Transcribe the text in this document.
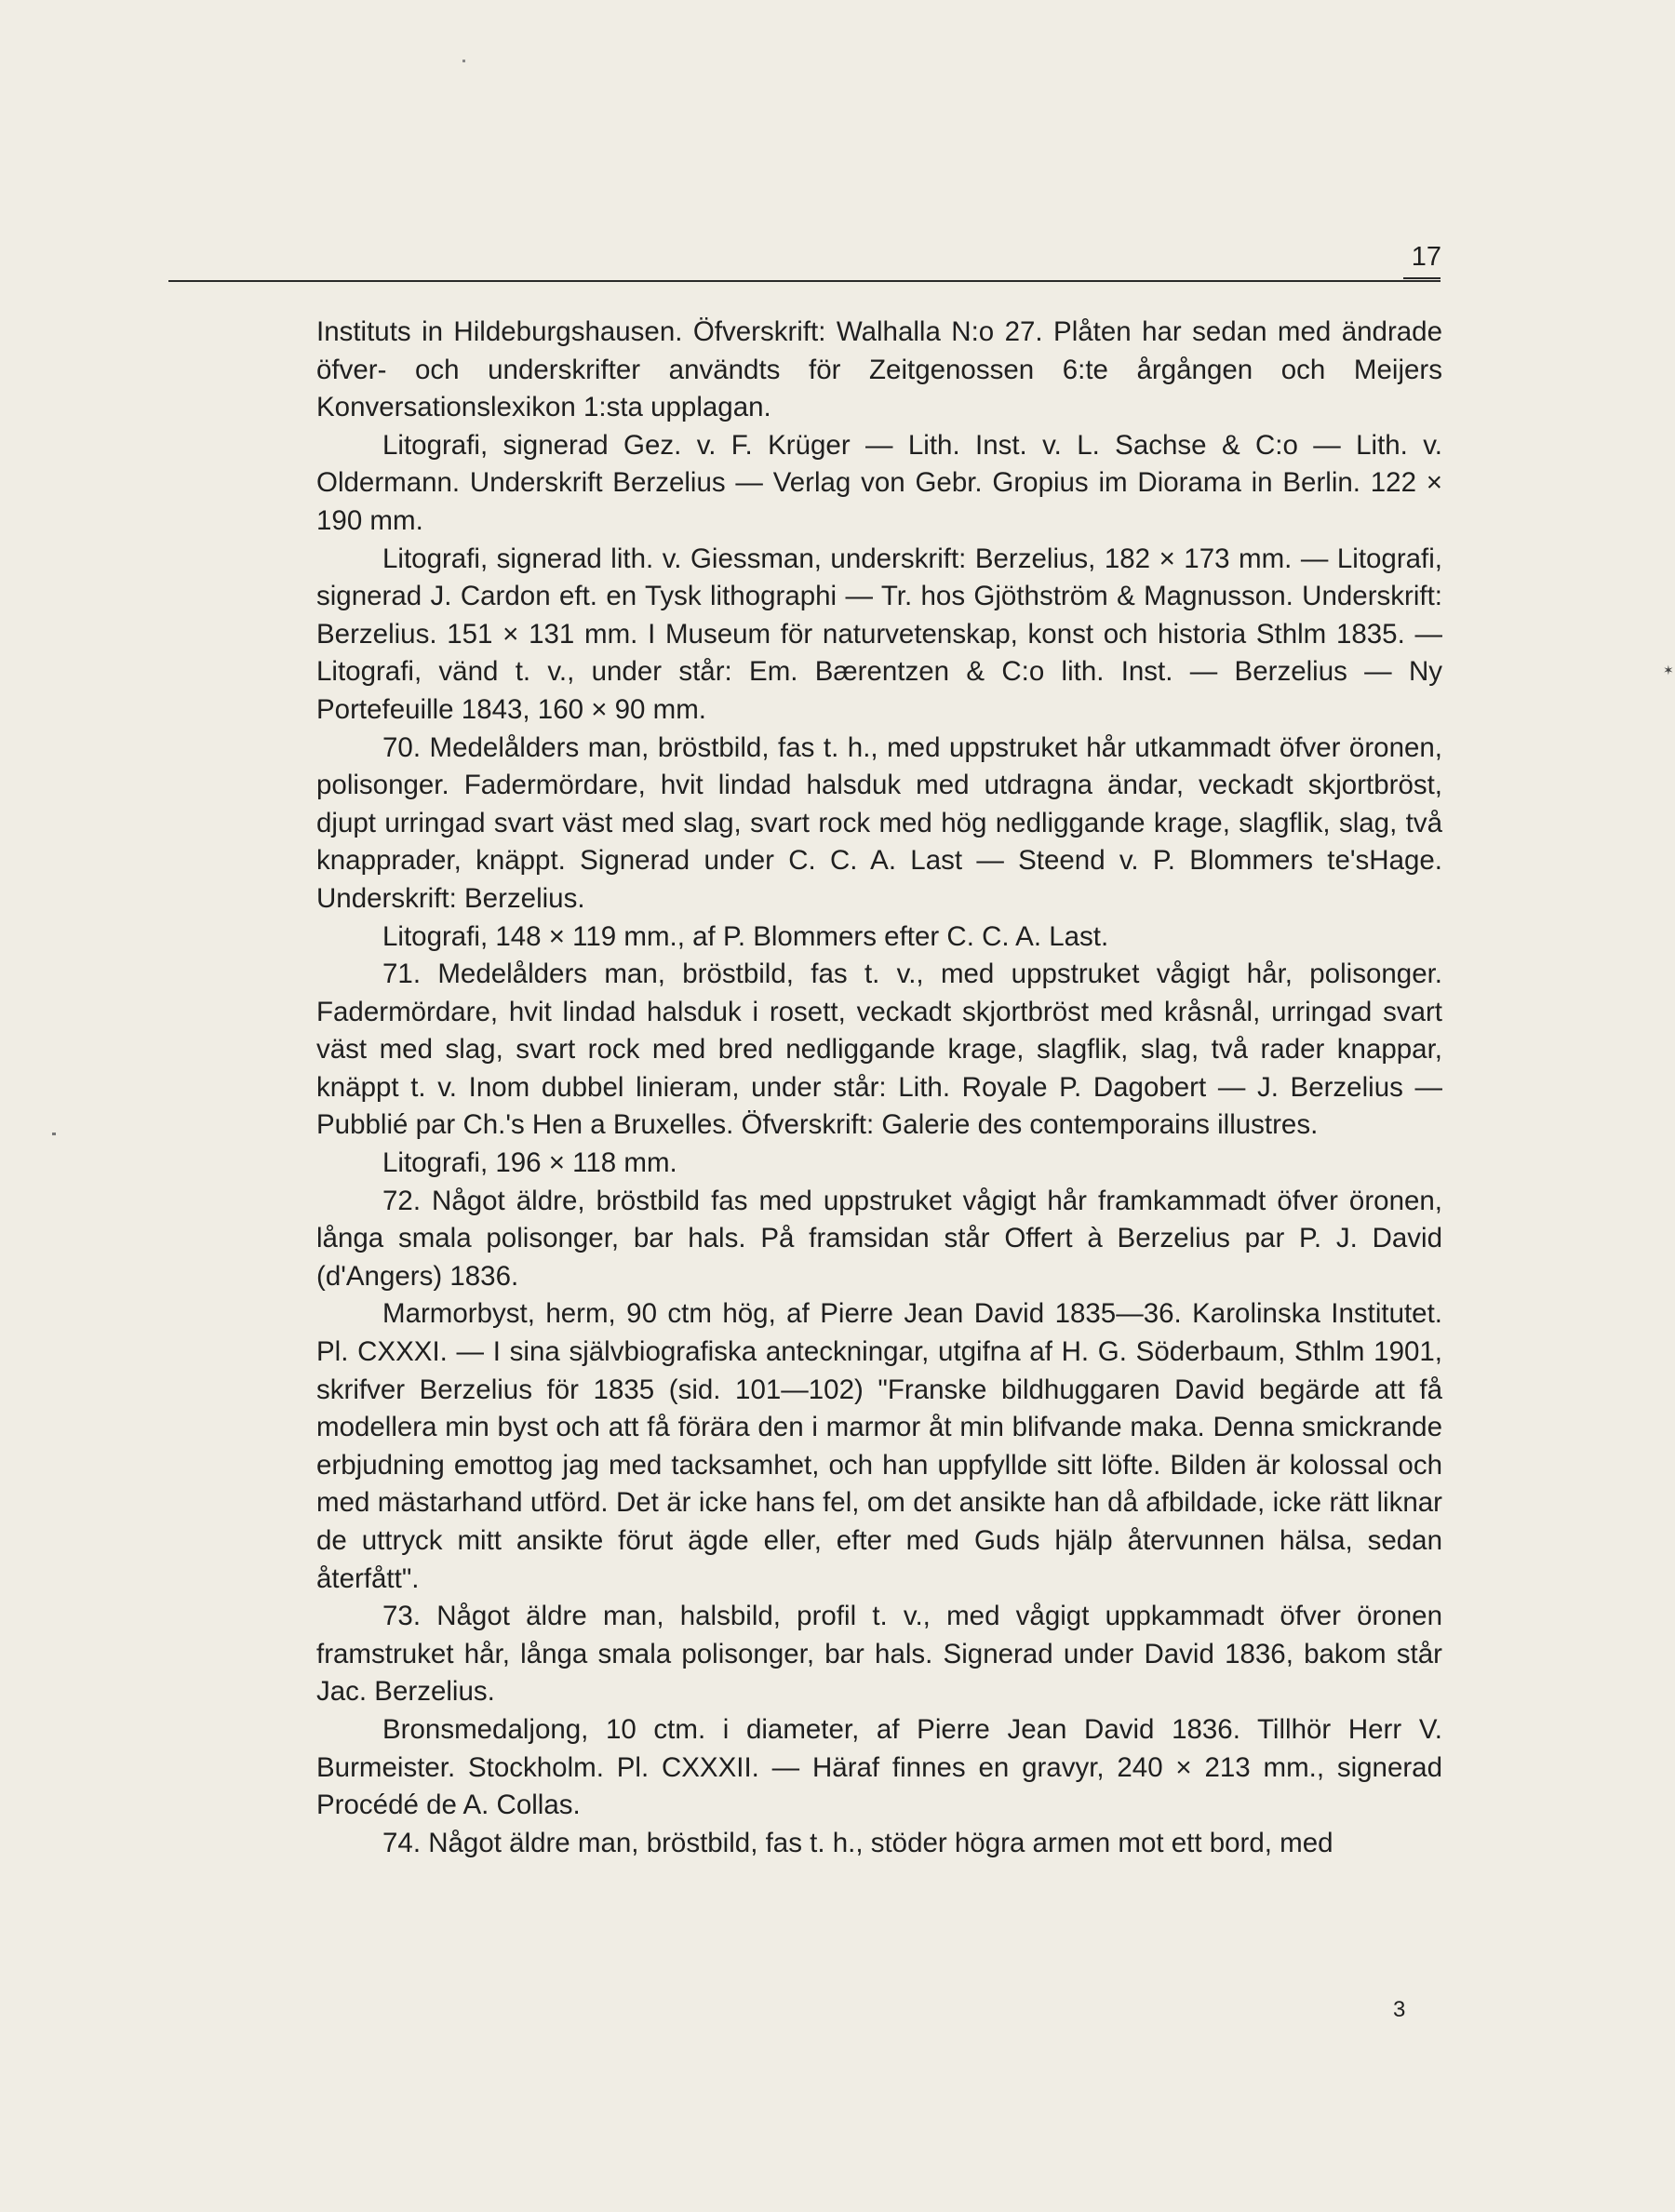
17

Instituts in Hildeburgshausen. Öfverskrift: Walhalla N:o 27. Plåten har sedan med ändrade öfver- och underskrifter användts för Zeitgenossen 6:te årgången och Meijers Konversationslexikon 1:sta upplagan.

Litografi, signerad Gez. v. F. Krüger — Lith. Inst. v. L. Sachse & C:o — Lith. v. Oldermann. Underskrift Berzelius — Verlag von Gebr. Gropius im Diorama in Berlin. 122 × 190 mm.

Litografi, signerad lith. v. Giessman, underskrift: Berzelius, 182 × 173 mm. — Litografi, signerad J. Cardon eft. en Tysk lithographi — Tr. hos Gjöthström & Magnusson. Underskrift: Berzelius. 151 × 131 mm. I Museum för naturvetenskap, konst och historia Sthlm 1835. — Litografi, vänd t. v., under står: Em. Bærentzen & C:o lith. Inst. — Berzelius — Ny Portefeuille 1843, 160 × 90 mm.

70. Medelålders man, bröstbild, fas t. h., med uppstruket hår utkammadt öfver öronen, polisonger. Fadermördare, hvit lindad halsduk med utdragna ändar, veckadt skjortbröst, djupt urringad svart väst med slag, svart rock med hög nedliggande krage, slagflik, slag, två knapprader, knäppt. Signerad under C. C. A. Last — Steend v. P. Blommers te'sHage. Underskrift: Berzelius.

Litografi, 148 × 119 mm., af P. Blommers efter C. C. A. Last.

71. Medelålders man, bröstbild, fas t. v., med uppstruket vågigt hår, polisonger. Fadermördare, hvit lindad halsduk i rosett, veckadt skjortbröst med kråsnål, urringad svart väst med slag, svart rock med bred nedliggande krage, slagflik, slag, två rader knappar, knäppt t. v. Inom dubbel linieram, under står: Lith. Royale P. Dagobert — J. Berzelius — Pubblié par Ch.'s Hen a Bruxelles. Öfverskrift: Galerie des contemporains illustres.

Litografi, 196 × 118 mm.

72. Något äldre, bröstbild fas med uppstruket vågigt hår framkammadt öfver öronen, långa smala polisonger, bar hals. På framsidan står Offert à Berzelius par P. J. David (d'Angers) 1836.

Marmorbyst, herm, 90 ctm hög, af Pierre Jean David 1835—36. Karolinska Institutet. Pl. CXXXI. — I sina självbiografiska anteckningar, utgifna af H. G. Söderbaum, Sthlm 1901, skrifver Berzelius för 1835 (sid. 101—102) "Franske bildhuggaren David begärde att få modellera min byst och att få förära den i marmor åt min blifvande maka. Denna smickrande erbjudning emottog jag med tacksamhet, och han uppfyllde sitt löfte. Bilden är kolossal och med mästarhand utförd. Det är icke hans fel, om det ansikte han då afbildade, icke rätt liknar de uttryck mitt ansikte förut ägde eller, efter med Guds hjälp återvunnen hälsa, sedan återfått".

73. Något äldre man, halsbild, profil t. v., med vågigt uppkammadt öfver öronen framstruket hår, långa smala polisonger, bar hals. Signerad under David 1836, bakom står Jac. Berzelius.

Bronsmedaljong, 10 ctm. i diameter, af Pierre Jean David 1836. Tillhör Herr V. Burmeister. Stockholm. Pl. CXXXII. — Häraf finnes en gravyr, 240 × 213 mm., signerad Procédé de A. Collas.

74. Något äldre man, bröstbild, fas t. h., stöder högra armen mot ett bord, med

✶
3
